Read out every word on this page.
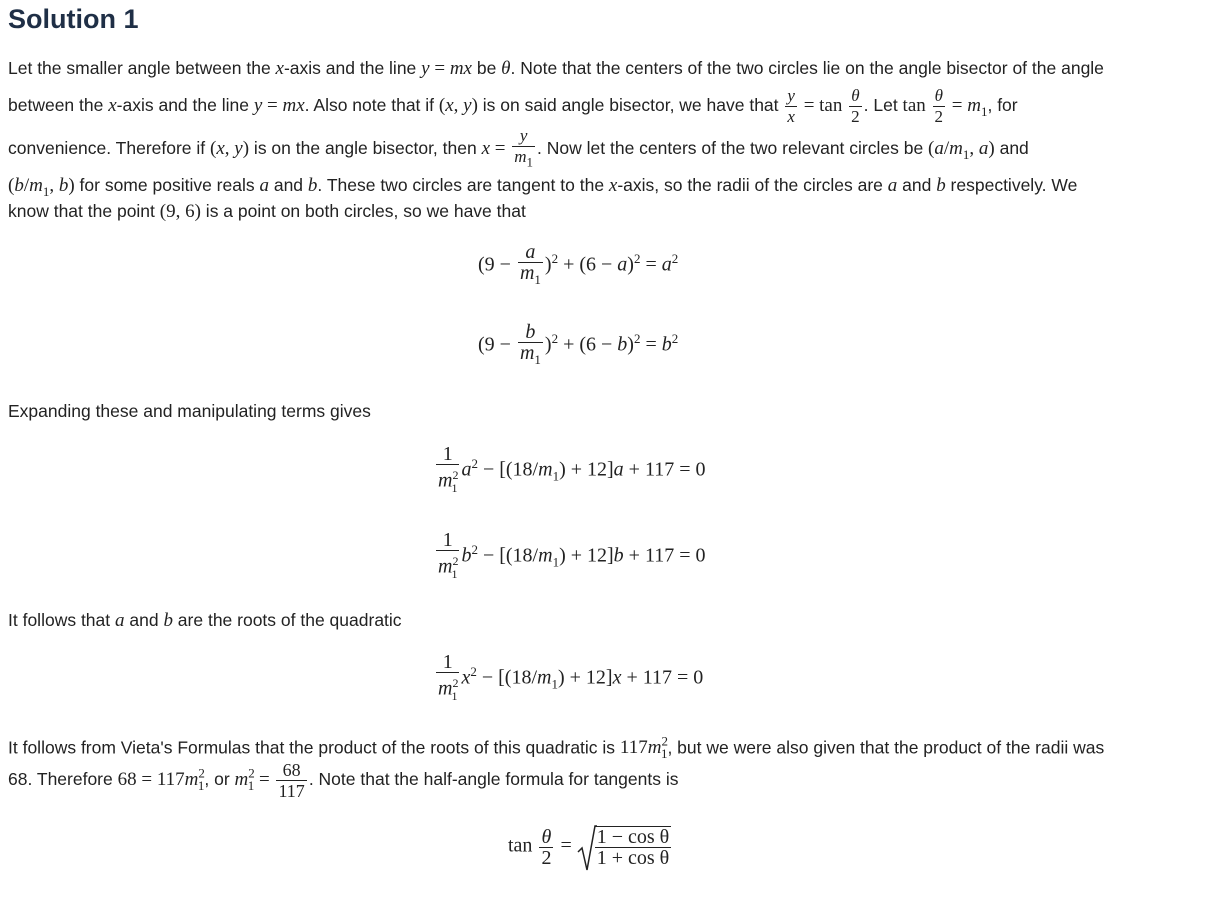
Solution 1
Let the smaller angle between the x-axis and the line y = mx be θ. Note that the centers of the two circles lie on the angle bisector of the angle
between the x-axis and the line y = mx. Also note that if (x, y) is on said angle bisector, we have that $\frac{y}{x} = \tan \frac{\theta}{2}$ . Let $\tan \frac{\theta}{2} = m_1$, for
convenience. Therefore if (x, y) is on the angle bisector, then $x = \frac{y}{m_1}$ . Now let the centers of the two relevant circles be ($a/m_1$, a) and
($b/m_1$, b) for some positive reals a and b. These two circles are tangent to the x-axis, so the radii of the circles are a and b respectively. We
know that the point (9, 6) is a point on both circles, so we have that
$(9 - \frac{a}{m_1} )^2 + (6 - a)^2 = a^2$
$(9 - \frac{b}{m_1} )^2 + (6 - b)^2 = b^2$
Expanding these and manipulating terms gives
$\frac{1}{m^2_1} a^2 - [(18/m_1) + 12]a + 117 = 0$
$\frac{1}{m^2_1} b^2 - [(18/m_1) + 12]b + 117 = 0$
It follows that a and b are the roots of the quadratic
$\frac{1}{m^2_1} x^2 - [(18/m_1) + 12]x + 117 = 0$
It follows from Vieta's Formulas that the product of the roots of this quadratic is $117m^2_1$, but we were also given that the product of the radii was
68. Therefore $68 = 117m^2_1$, or $m^2_1 = \frac{68}{117}$ . Note that the half-angle formula for tangents is
$\tan \frac{\theta}{2} = \frac{\text{1 − cos θ}}{\text{1 + cos θ}}$
